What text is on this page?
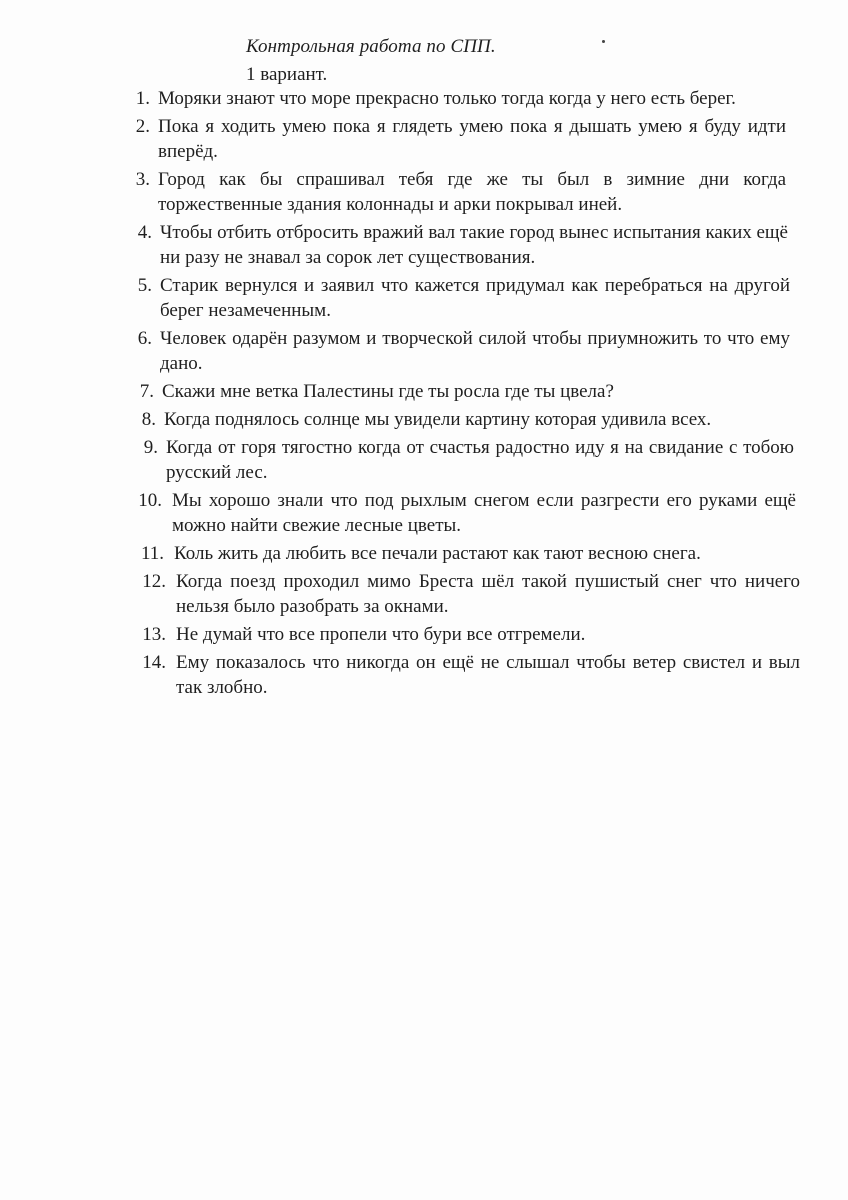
Контрольная работа по СПП.
1 вариант.
1. Моряки знают что море прекрасно только тогда когда у него есть берег.
2. Пока я ходить умею пока я глядеть умею пока я дышать умею я буду идти вперёд.
3. Город как бы спрашивал тебя где же ты был в зимние дни когда торжественные здания колоннады и арки покрывал иней.
4. Чтобы отбить отбросить вражий вал такие город вынес испытания каких ещё ни разу не знавал за сорок лет существования.
5. Старик вернулся и заявил что кажется придумал как перебраться на другой берег незамеченным.
6. Человек одарён разумом и творческой силой чтобы приумножить то что ему дано.
7. Скажи мне ветка Палестины где ты росла где ты цвела?
8. Когда поднялось солнце мы увидели картину которая удивила всех.
9. Когда от горя тягостно когда от счастья радостно иду я на свидание с тобою русский лес.
10. Мы хорошо знали что под рыхлым снегом если разгрести его руками ещё можно найти свежие лесные цветы.
11. Коль жить да любить все печали растают как тают весною снега.
12. Когда поезд проходил мимо Бреста шёл такой пушистый снег что ничего нельзя было разобрать за окнами.
13. Не думай что все пропели что бури все отгремели.
14. Ему показалось что никогда он ещё не слышал чтобы ветер свистел и выл так злобно.
